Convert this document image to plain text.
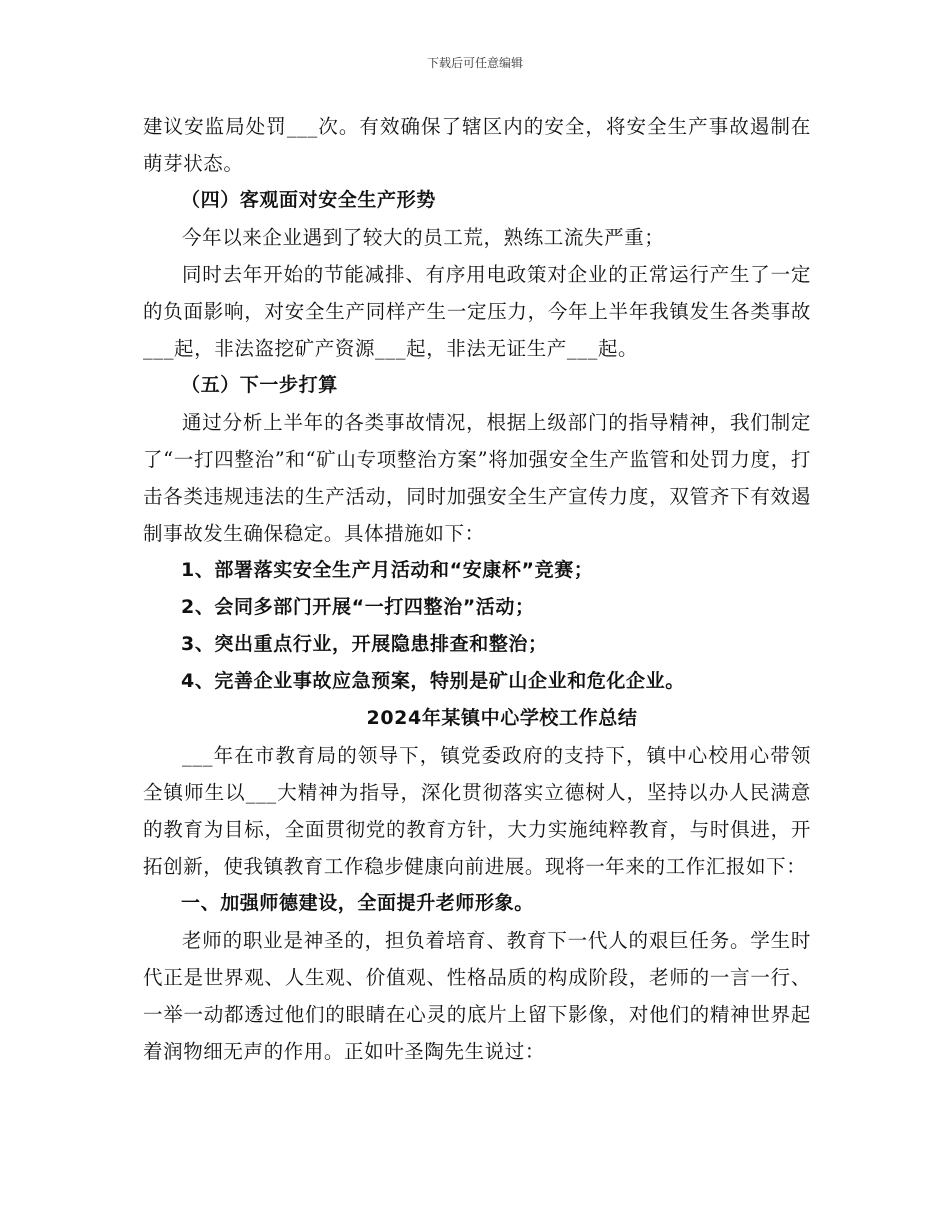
下载后可任意编辑

建议安监局处罚___次。有效确保了辖区内的安全，将安全生产事故遏制在萌芽状态。

（四）客观面对安全生产形势

今年以来企业遇到了较大的员工荒，熟练工流失严重；

同时去年开始的节能减排、有序用电政策对企业的正常运行产生了一定的负面影响，对安全生产同样产生一定压力，今年上半年我镇发生各类事故___起，非法盗挖矿产资源___起，非法无证生产___起。

（五）下一步打算

通过分析上半年的各类事故情况，根据上级部门的指导精神，我们制定了“一打四整治”和“矿山专项整治方案”将加强安全生产监管和处罚力度，打击各类违规违法的生产活动，同时加强安全生产宣传力度，双管齐下有效遏制事故发生确保稳定。具体措施如下：

1、部署落实安全生产月活动和“安康杯”竞赛；

2、会同多部门开展“一打四整治”活动；

3、突出重点行业，开展隐患排查和整治；

4、完善企业事故应急预案，特别是矿山企业和危化企业。

2024年某镇中心学校工作总结

___年在市教育局的领导下，镇党委政府的支持下，镇中心校用心带领全镇师生以___大精神为指导，深化贯彻落实立德树人，坚持以办人民满意的教育为目标，全面贯彻党的教育方针，大力实施纯粹教育，与时俱进，开拓创新，使我镇教育工作稳步健康向前进展。现将一年来的工作汇报如下：

一、加强师德建设，全面提升老师形象。

老师的职业是神圣的，担负着培育、教育下一代人的艰巨任务。学生时代正是世界观、人生观、价值观、性格品质的构成阶段，老师的一言一行、一举一动都透过他们的眼睛在心灵的底片上留下影像，对他们的精神世界起着润物细无声的作用。正如叶圣陶先生说过：
